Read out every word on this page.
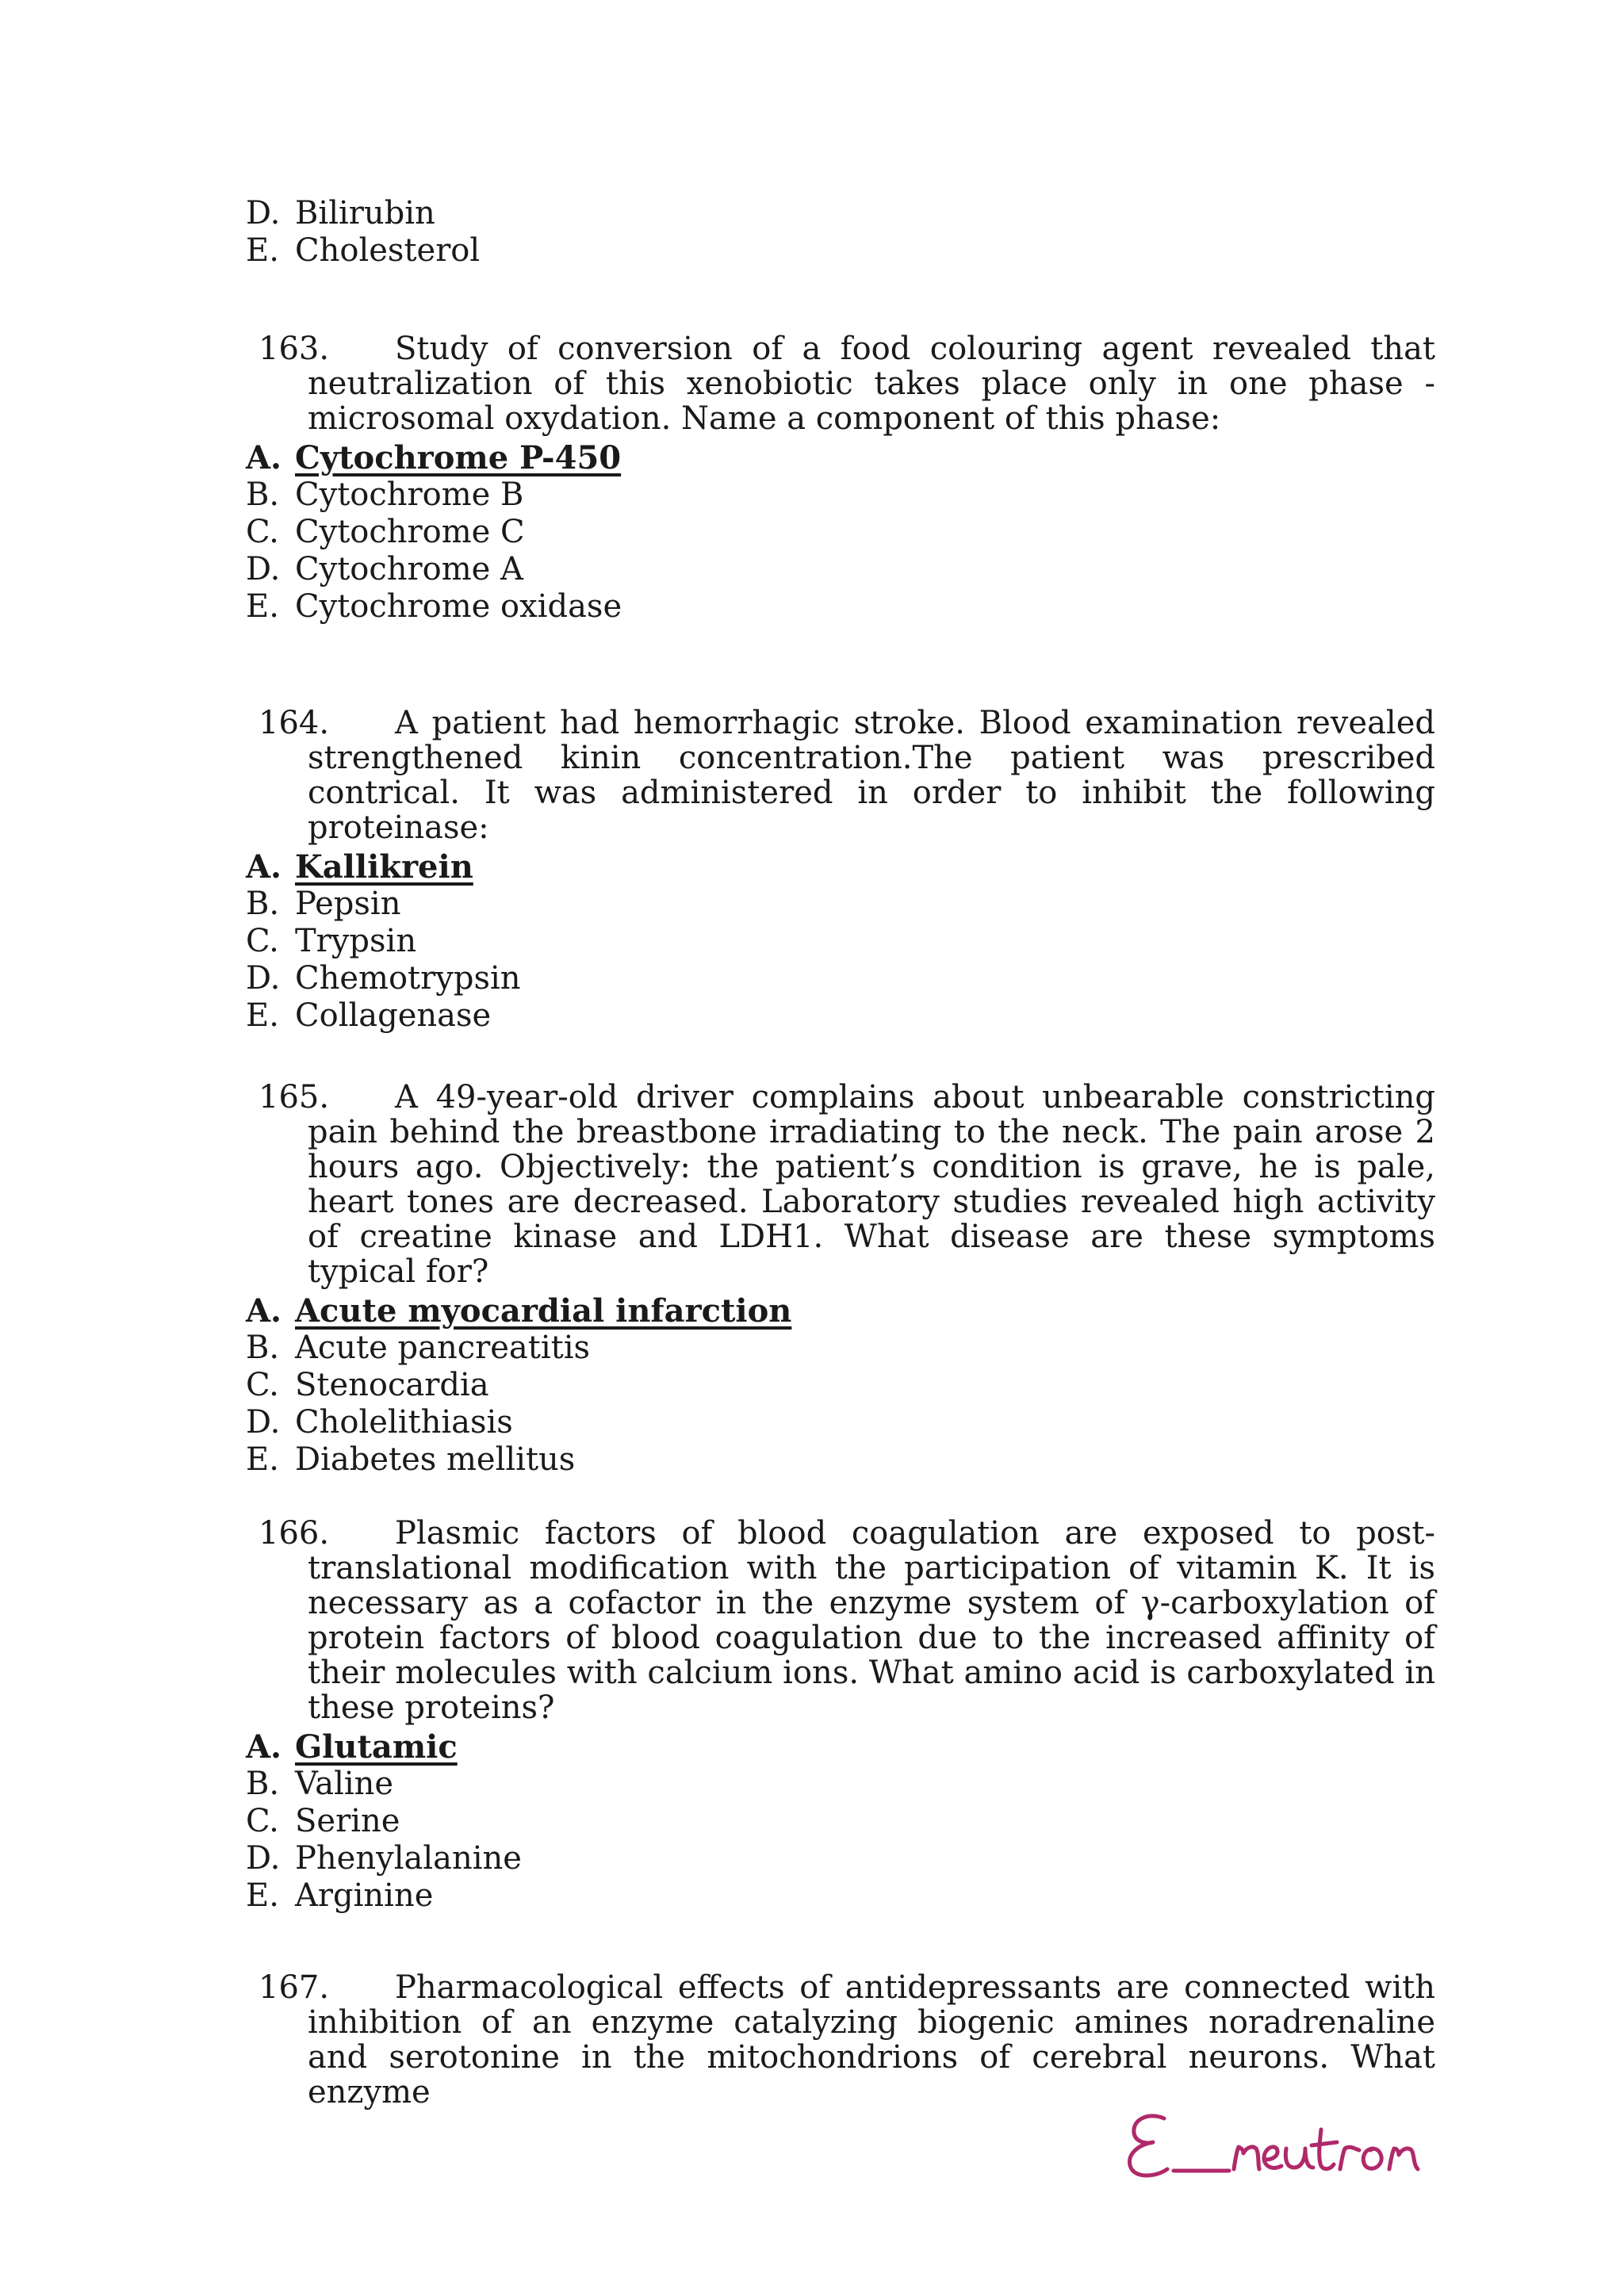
D. Bilirubin
E. Cholesterol
163.	Study of conversion of a food colouring agent revealed that neutralization of this xenobiotic takes place only in one phase - microsomal oxydation. Name a component of this phase:

A. Cytochrome P-450
B. Cytochrome B
C. Cytochrome C
D. Cytochrome A
E. Cytochrome oxidase
164.	A patient had hemorrhagic stroke. Blood examination revealed strengthened kinin concentration.The patient was prescribed contrical. It was administered in order to inhibit the following proteinase:

A. Kallikrein
B. Pepsin
C. Trypsin
D. Chemotrypsin
E. Collagenase
165.	A 49-year-old driver complains about unbearable constricting pain behind the breastbone irradiating to the neck. The pain arose 2 hours ago. Objectively: the patient’s condition is grave, he is pale, heart tones are decreased. Laboratory studies revealed high activity of creatine kinase and LDH1. What disease are these symptoms typical for?

A. Acute myocardial infarction
B. Acute pancreatitis
C. Stenocardia
D. Cholelithiasis
E. Diabetes mellitus
166.	Plasmic factors of blood coagulation are exposed to post-translational modification with the participation of vitamin K. It is necessary as a cofactor in the enzyme system of γ-carboxylation of protein factors of blood coagulation due to the increased affinity of their molecules with calcium ions. What amino acid is carboxylated in these proteins?

A. Glutamic
B. Valine
C. Serine
D. Phenylalanine
E. Arginine
167.	Pharmacological effects of antidepressants are connected with inhibition of an enzyme catalyzing biogenic amines noradrenaline and serotonine in the mitochondrions of cerebral neurons. What enzyme
